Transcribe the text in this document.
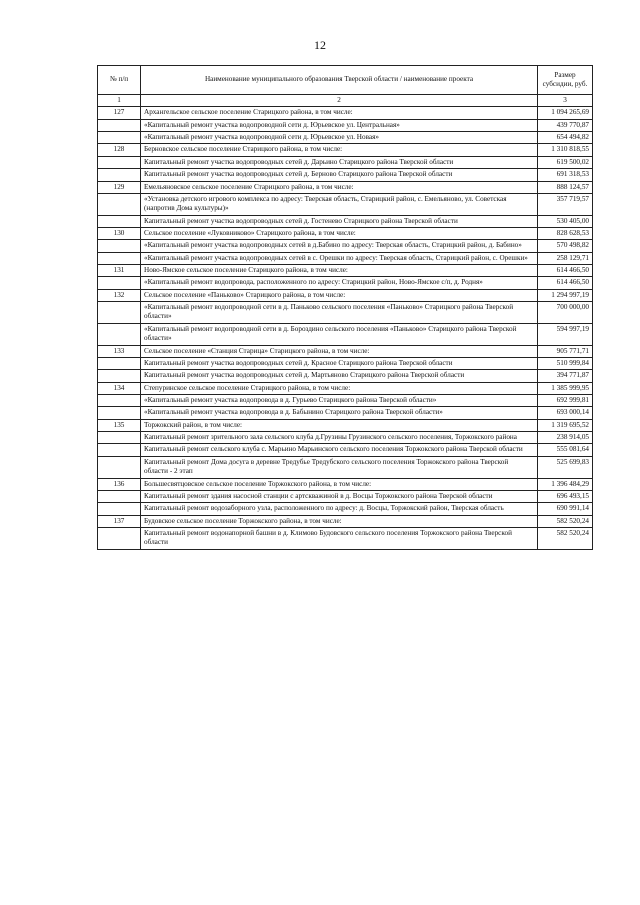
12
№ п/п	Наименование муниципального образования Тверской области / наименование проекта	Размер субсидии, руб.
1	2	3
127	Архангельское сельское поселение Старицкого района, в том числе:	1 094 265,69
	«Капитальный ремонт участка водопроводной сети д. Юрьевское ул. Центральная»	439 770,87
	«Капитальный ремонт участка водопроводной сети д. Юрьевское ул. Новая»	654 494,82
128	Берновское сельское поселение Старицкого района, в том числе:	1 310 818,55
	Капитальный ремонт участка водопроводных сетей д. Дарьино Старицкого района Тверской области	619 500,02
	Капитальный ремонт участка водопроводных сетей д. Берново Старицкого района Тверской области	691 318,53
129	Емельяновское сельское поселение Старицкого района, в том числе:	888 124,57
	«Установка детского игрового комплекса по адресу: Тверская область, Старицкий район, с. Емельяново, ул. Советская (напротив Дома культуры)»	357 719,57
	Капитальный ремонт участка водопроводных сетей д. Гостенево Старицкого района Тверской области	530 405,00
130	Сельское поселение «Луковниково» Старицкого района, в том числе:	828 628,53
	«Капитальный ремонт участка водопроводных сетей в д.Бабино по адресу: Тверская область, Старицкий район, д. Бабино»	570 498,82
	«Капитальный ремонт участка водопроводных сетей в с. Орешки по адресу: Тверская область, Старицкий район, с. Орешки»	258 129,71
131	Ново-Ямское сельское поселение Старицкого района, в том числе:	614 466,50
	«Капитальный ремонт водопровода, расположенного по адресу: Старицкий район, Ново-Ямское с/п, д. Родня»	614 466,50
132	Сельское поселение «Паньково» Старицкого района, в том числе:	1 294 997,19
	«Капитальный ремонт водопроводной сети в д. Паньково сельского поселения «Паньково» Старицкого района Тверской области»	700 000,00
	«Капитальный ремонт водопроводной сети в д. Бороздино сельского поселения «Паньково» Старицкого района Тверской области»	594 997,19
133	Сельское поселение «Станция Старица» Старицкого района, в том числе:	905 771,71
	Капитальный ремонт участка водопроводных сетей д. Красное Старицкого района Тверской области	510 999,84
	Капитальный ремонт участка водопроводных сетей д. Мартьяново Старицкого района Тверской области	394 771,87
134	Степуринское сельское поселение Старицкого района, в том числе:	1 385 999,95
	«Капитальный ремонт участка водопровода в д. Гурьево Старицкого района Тверской области»	692 999,81
	«Капитальный ремонт участка водопровода в д. Бабынино Старицкого района Тверской области»	693 000,14
135	Торжокский район, в том числе:	1 319 695,52
	Капитальный ремонт зрительного зала сельского клуба д.Грузины Грузинского сельского поселения, Торжокского района	238 914,05
	Капитальный ремонт сельского клуба с. Марьино Марьинского сельского поселения Торжокского района Тверской области	555 081,64
	Капитальный ремонт Дома досуга в деревне Тредубье Тредубского сельского поселения Торжокского района Тверской области - 2 этап	525 699,83
136	Большесвятцовское сельское поселение Торжокского района, в том числе:	1 396 484,29
	Капитальный ремонт здания насосной станции с артскважиной в д. Восцы Торжокского района Тверской области	696 493,15
	Капитальный ремонт водозаборного узла, расположенного по адресу: д. Восцы, Торжокский район, Тверская область	690 991,14
137	Будовское сельское поселение Торжокского района, в том числе:	582 520,24
	Капитальный ремонт водонапорной башни в д. Климово Будовского сельского поселения Торжокского района Тверской области	582 520,24
